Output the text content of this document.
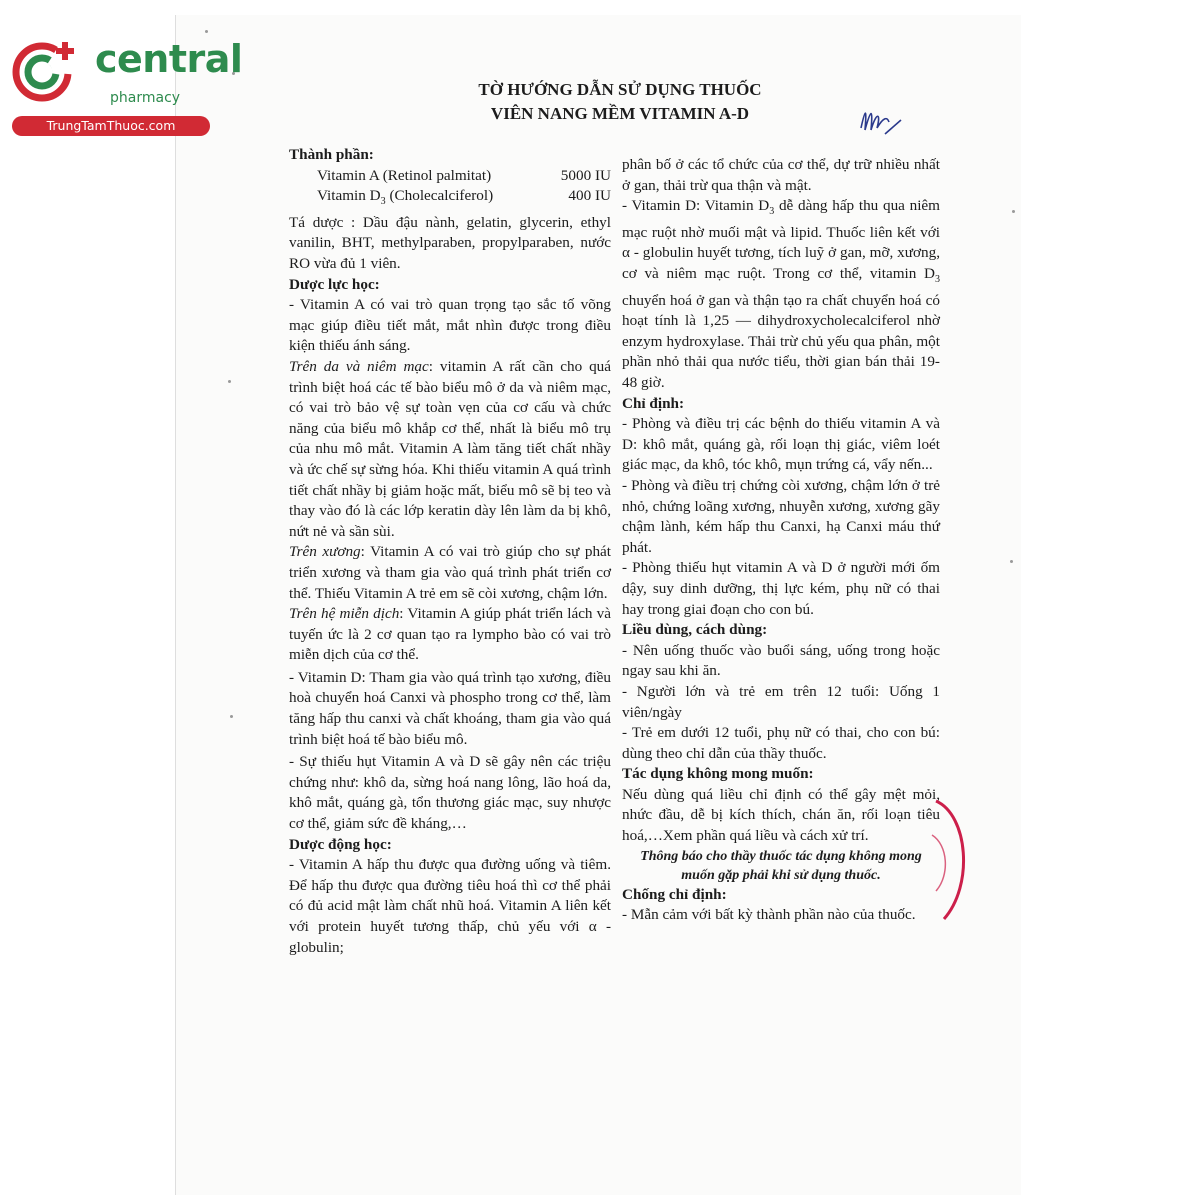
central
pharmacy
TrungTamThuoc.com
TỜ HƯỚNG DẪN SỬ DỤNG THUỐC
VIÊN NANG MỀM VITAMIN A-D

Thành phần:

Vitamin A (Retinol palmitat)	5000 IU
Vitamin $D_3$ (Cholecalciferol)	400 IU

Tá dược : Dầu đậu nành, gelatin, glycerin, ethyl vanilin, BHT, methylparaben, propylparaben, nước RO vừa đủ 1 viên.

Dược lực học:

- Vitamin A có vai trò quan trọng tạo sắc tố võng mạc giúp điều tiết mắt, mắt nhìn được trong điều kiện thiếu ánh sáng.

Trên da và niêm mạc: vitamin A rất cần cho quá trình biệt hoá các tế bào biểu mô ở da và niêm mạc, có vai trò bảo vệ sự toàn vẹn của cơ cấu và chức năng của biểu mô khắp cơ thể, nhất là biểu mô trụ của nhu mô mắt. Vitamin A làm tăng tiết chất nhầy và ức chế sự sừng hóa. Khi thiếu vitamin A quá trình tiết chất nhầy bị giảm hoặc mất, biểu mô sẽ bị teo và thay vào đó là các lớp keratin dày lên làm da bị khô, nứt nẻ và sần sùi.

Trên xương: Vitamin A có vai trò giúp cho sự phát triển xương và tham gia vào quá trình phát triển cơ thể. Thiếu Vitamin A trẻ em sẽ còi xương, chậm lớn.

Trên hệ miễn dịch: Vitamin A giúp phát triển lách và tuyến ức là 2 cơ quan tạo ra lympho bào có vai trò miễn dịch của cơ thể.

- Vitamin D: Tham gia vào quá trình tạo xương, điều hoà chuyển hoá Canxi và phospho trong cơ thể, làm tăng hấp thu canxi và chất khoáng, tham gia vào quá trình biệt hoá tế bào biểu mô.

- Sự thiếu hụt Vitamin A và D sẽ gây nên các triệu chứng như: khô da, sừng hoá nang lông, lão hoá da, khô mắt, quáng gà, tổn thương giác mạc, suy nhược cơ thể, giảm sức đề kháng,…

Dược động học:

- Vitamin A hấp thu được qua đường uống và tiêm. Để hấp thu được qua đường tiêu hoá thì cơ thể phải có đủ acid mật làm chất nhũ hoá. Vitamin A liên kết với protein huyết tương thấp, chủ yếu với α - globulin;

phân bố ở các tổ chức của cơ thể, dự trữ nhiều nhất ở gan, thải trừ qua thận và mật.

- Vitamin D: Vitamin $D_3$ dễ dàng hấp thu qua niêm mạc ruột nhờ muối mật và lipid. Thuốc liên kết với α - globulin huyết tương, tích luỹ ở gan, mỡ, xương, cơ và niêm mạc ruột. Trong cơ thể, vitamin $D_3$ chuyển hoá ở gan và thận tạo ra chất chuyển hoá có hoạt tính là 1,25 — dihydroxycholecalciferol nhờ enzym hydroxylase. Thải trừ chủ yếu qua phân, một phần nhỏ thải qua nước tiểu, thời gian bán thải 19- 48 giờ.

Chỉ định:

- Phòng và điều trị các bệnh do thiếu vitamin A và D: khô mắt, quáng gà, rối loạn thị giác, viêm loét giác mạc, da khô, tóc khô, mụn trứng cá, vẩy nến...

- Phòng và điều trị chứng còi xương, chậm lớn ở trẻ nhỏ, chứng loãng xương, nhuyễn xương, xương gãy chậm lành, kém hấp thu Canxi, hạ Canxi máu thứ phát.

- Phòng thiếu hụt vitamin A và D ở người mới ốm dậy, suy dinh dưỡng, thị lực kém, phụ nữ có thai hay trong giai đoạn cho con bú.

Liều dùng, cách dùng:

- Nên uống thuốc vào buổi sáng, uống trong hoặc ngay sau khi ăn.

- Người lớn và trẻ em trên 12 tuổi: Uống 1 viên/ngày

- Trẻ em dưới 12 tuổi, phụ nữ có thai, cho con bú: dùng theo chỉ dẫn của thầy thuốc.

Tác dụng không mong muốn:

Nếu dùng quá liều chỉ định có thể gây mệt mỏi, nhức đầu, dễ bị kích thích, chán ăn, rối loạn tiêu hoá,…Xem phần quá liều và cách xử trí.

Thông báo cho thầy thuốc tác dụng không mong muốn gặp phải khi sử dụng thuốc.

Chống chỉ định:

- Mẫn cảm với bất kỳ thành phần nào của thuốc.
